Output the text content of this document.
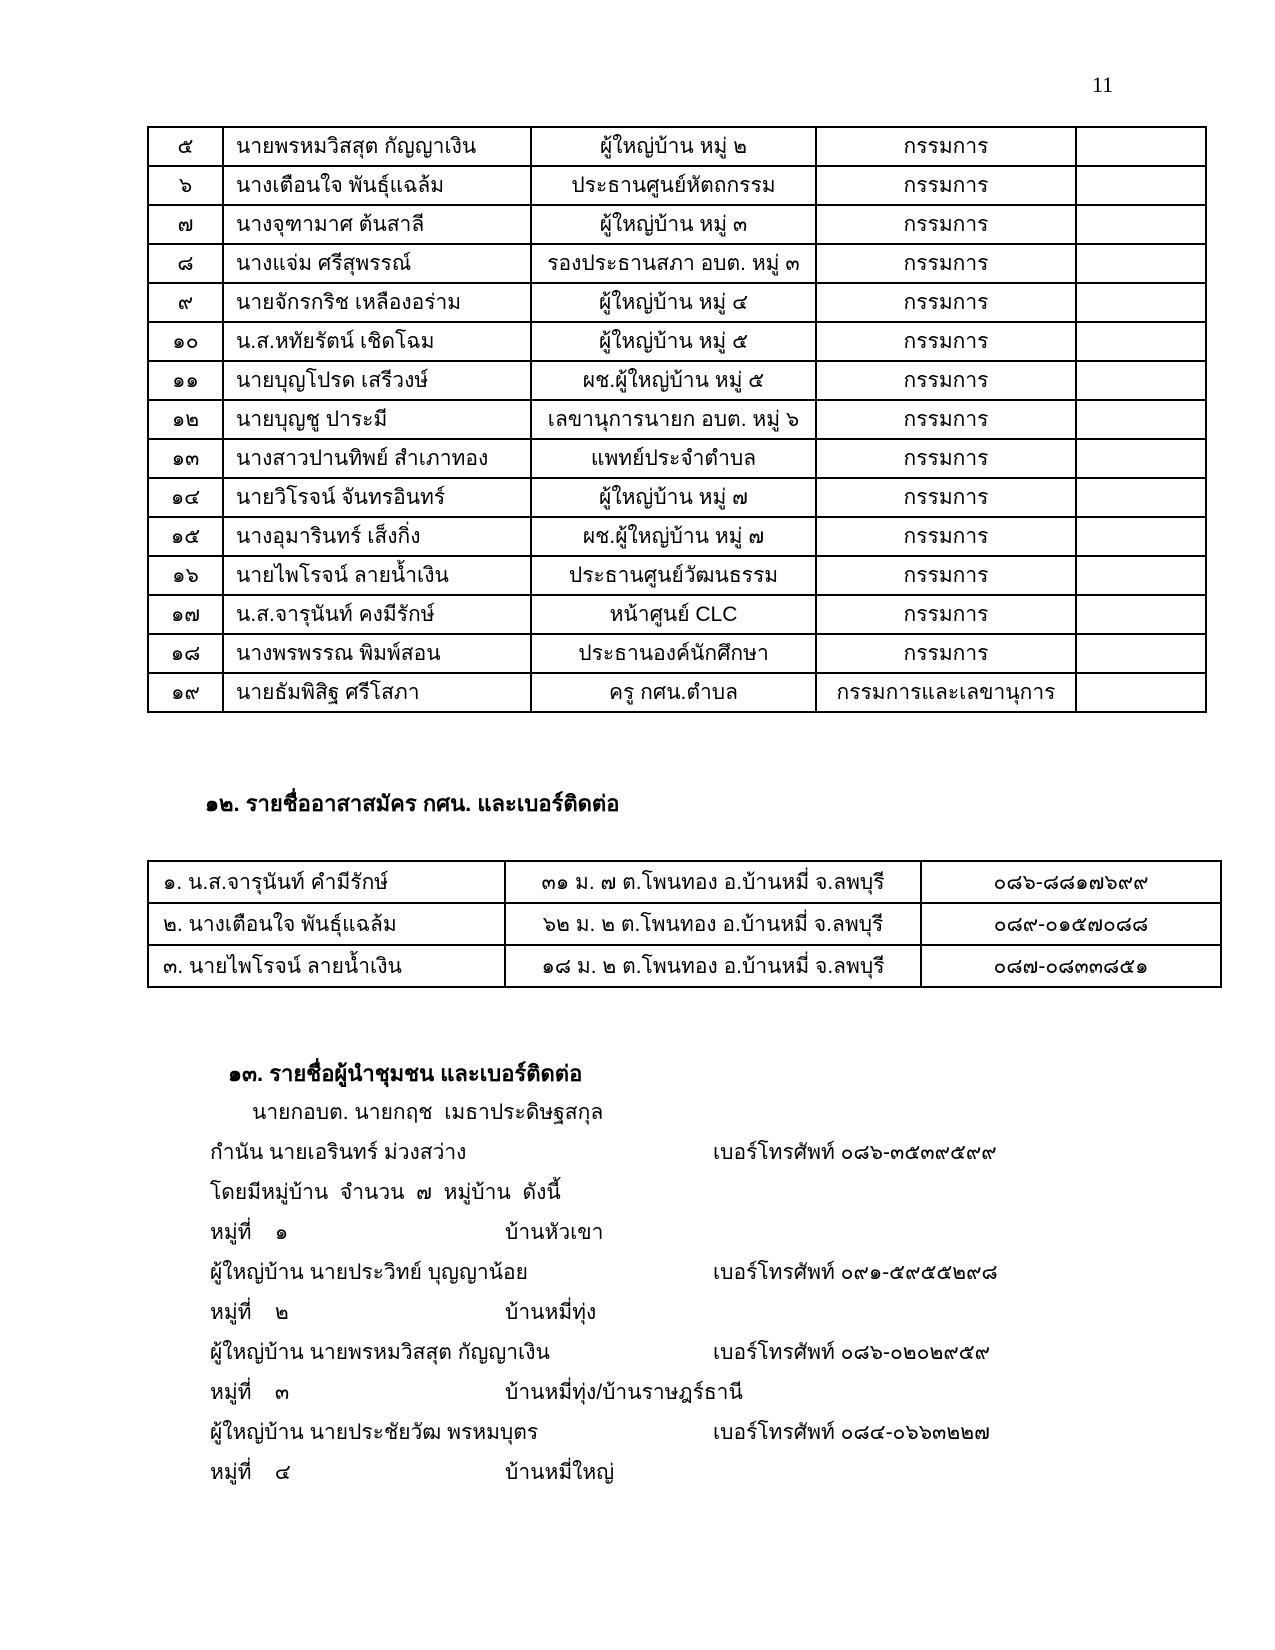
11
๕	นายพรหมวิสสุต กัญญาเงิน	ผู้ใหญ่บ้าน หมู่ ๒	กรรมการ	
๖	นางเตือนใจ พันธุ์แฉล้ม	ประธานศูนย์หัตถกรรม	กรรมการ	
๗	นางจุฑามาศ ต้นสาลี	ผู้ใหญ่บ้าน หมู่ ๓	กรรมการ	
๘	นางแจ่ม ศรีสุพรรณ์	รองประธานสภา อบต. หมู่ ๓	กรรมการ	
๙	นายจักรกริช เหลืองอร่าม	ผู้ใหญ่บ้าน หมู่ ๔	กรรมการ	
๑๐	น.ส.หทัยรัตน์ เชิดโฉม	ผู้ใหญ่บ้าน หมู่ ๕	กรรมการ	
๑๑	นายบุญโปรด เสรีวงษ์	ผช.ผู้ใหญ่บ้าน หมู่ ๕	กรรมการ	
๑๒	นายบุญชู ปาระมี	เลขานุการนายก อบต. หมู่ ๖	กรรมการ	
๑๓	นางสาวปานทิพย์ สำเภาทอง	แพทย์ประจำตำบล	กรรมการ	
๑๔	นายวิโรจน์ จันทรอินทร์	ผู้ใหญ่บ้าน หมู่ ๗	กรรมการ	
๑๕	นางอุมารินทร์ เส็งกิ่ง	ผช.ผู้ใหญ่บ้าน หมู่ ๗	กรรมการ	
๑๖	นายไพโรจน์ ลายน้ำเงิน	ประธานศูนย์วัฒนธรรม	กรรมการ	
๑๗	น.ส.จารุนันท์ คงมีรักษ์	หน้าศูนย์ CLC	กรรมการ	
๑๘	นางพรพรรณ พิมพ์สอน	ประธานองค์นักศึกษา	กรรมการ	
๑๙	นายธัมพิสิฐ ศรีโสภา	ครู กศน.ตำบล	กรรมการและเลขานุการ	
๑๒. รายชื่ออาสาสมัคร กศน. และเบอร์ติดต่อ
๑. น.ส.จารุนันท์ คำมีรักษ์	๓๑ ม. ๗ ต.โพนทอง อ.บ้านหมี่ จ.ลพบุรี	๐๘๖-๘๘๑๗๖๙๙
๒. นางเตือนใจ พันธุ์แฉล้ม	๖๒ ม. ๒ ต.โพนทอง อ.บ้านหมี่ จ.ลพบุรี	๐๘๙-๐๑๕๗๐๘๘
๓. นายไพโรจน์ ลายน้ำเงิน	๑๘ ม. ๒ ต.โพนทอง อ.บ้านหมี่ จ.ลพบุรี	๐๘๗-๐๘๓๓๘๕๑
๑๓. รายชื่อผู้นำชุมชน และเบอร์ติดต่อ
นายกอบต. นายกฤช  เมธาประดิษฐสกุล
กำนัน นายเอรินทร์ ม่วงสว่าง	เบอร์โทรศัพท์ ๐๘๖-๓๕๓๙๕๙๙
โดยมีหมู่บ้าน  จำนวน  ๗  หมู่บ้าน  ดังนี้
หมู่ที่    ๑	บ้านหัวเขา
ผู้ใหญ่บ้าน นายประวิทย์ บุญญาน้อย	เบอร์โทรศัพท์ ๐๙๑-๕๙๕๕๒๙๘
หมู่ที่    ๒	บ้านหมี่ทุ่ง
ผู้ใหญ่บ้าน นายพรหมวิสสุต กัญญาเงิน	เบอร์โทรศัพท์ ๐๘๖-๐๒๐๒๙๕๙
หมู่ที่    ๓	บ้านหมี่ทุ่ง/บ้านราษฎร์ธานี
ผู้ใหญ่บ้าน นายประชัยวัฒ พรหมบุตร	เบอร์โทรศัพท์ ๐๘๔-๐๖๖๓๒๒๗
หมู่ที่    ๔	บ้านหมี่ใหญ่
